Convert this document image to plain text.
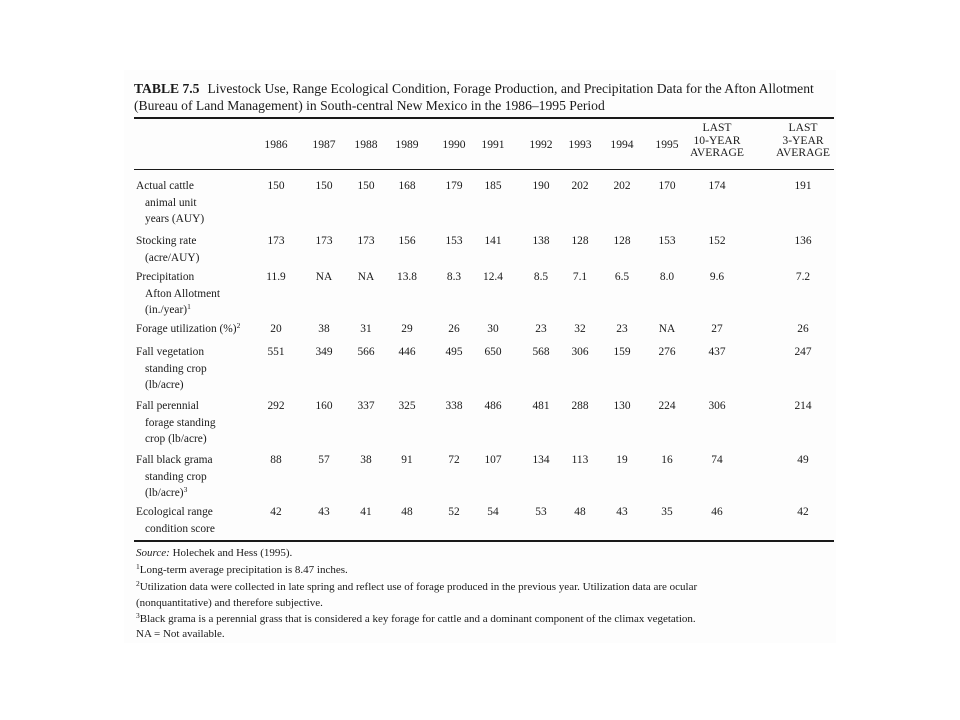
TABLE 7.5 Livestock Use, Range Ecological Condition, Forage Production, and Precipitation Data for the Afton Allotment
(Bureau of Land Management) in South-central New Mexico in the 1986–1995 Period
1986 1987 1988 1989 1990 1991 1992 1993 1994 1995
LAST
10-YEAR
AVERAGE
LAST
3-YEAR
AVERAGE
Actual cattle
animal unit
years (AUY)
150	150	150	168	179	185	190	202	202	170	174	191
Stocking rate
(acre/AUY)
173	173	173	156	153	141	138	128	128	153	152	136
Precipitation
Afton Allotment
(in./year)$^1$
11.9	NA	NA	13.8	8.3	12.4	8.5	7.1	6.5	8.0	9.6	7.2
Forage utilization (%)$^2$	20	38	31	29	26	30	23	32	23	NA	27	26
Fall vegetation
standing crop
(lb/acre)
551	349	566	446	495	650	568	306	159	276	437	247
Fall perennial
forage standing
crop (lb/acre)
292	160	337	325	338	486	481	288	130	224	306	214
Fall black grama
standing crop
(lb/acre)$^3$
88	57	38	91	72	107	134	113	19	16	74	49
Ecological range
condition score
42	43	41	48	52	54	53	48	43	35	46	42
Source: Holechek and Hess (1995).
$^1$Long-term average precipitation is 8.47 inches.
$^2$Utilization data were collected in late spring and reflect use of forage produced in the previous year. Utilization data are ocular
(nonquantitative) and therefore subjective.
$^3$Black grama is a perennial grass that is considered a key forage for cattle and a dominant component of the climax vegetation.
NA = Not available.
